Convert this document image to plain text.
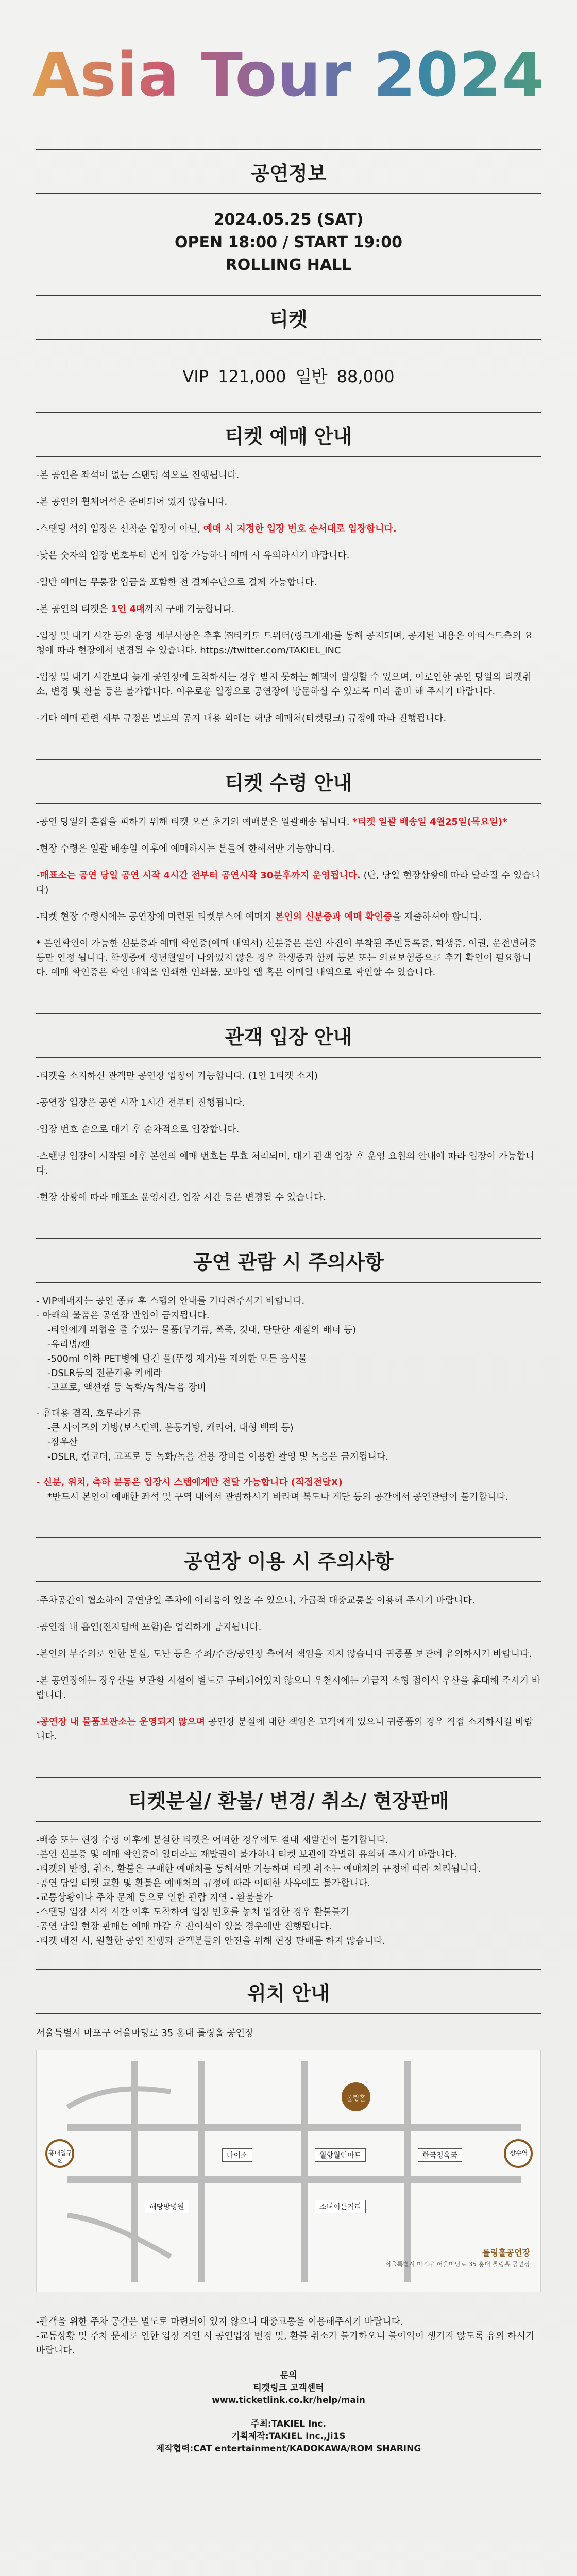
Asia Tour 2024
공연정보
2024.05.25 (SAT)
OPEN 18:00 / START 19:00
ROLLING HALL
티켓
VIP 121,000 일반 88,000
티켓 예매 안내
-본 공연은 좌석이 없는 스탠딩 석으로 진행됩니다.
-본 공연의 휠체어석은 준비되어 있지 않습니다.
-스탠딩 석의 입장은 선착순 입장이 아닌, 예매 시 지정한 입장 번호 순서대로 입장합니다.
-낮은 숫자의 입장 번호부터 먼저 입장 가능하니 예매 시 유의하시기 바랍니다.
-일반 예매는 무통장 입금을 포함한 전 결제수단으로 결제 가능합니다.
-본 공연의 티켓은 1인 4매까지 구매 가능합니다.
-입장 및 대기 시간 등의 운영 세부사항은 추후 ㈜타키토 트위터(링크게재)를 통해 공지되며, 공지된 내용은 아티스트측의 요청에 따라 현장에서 변경될 수 있습니다. https://twitter.com/TAKIEL_INC
-입장 및 대기 시간보다 늦게 공연장에 도착하시는 경우 받지 못하는 혜택이 발생할 수 있으며, 이로인한 공연 당일의 티켓취소, 변경 및 환불 등은 불가합니다. 여유로운 일정으로 공연장에 방문하실 수 있도록 미리 준비 해 주시기 바랍니다.
-기타 예매 관련 세부 규정은 별도의 공지 내용 외에는 해당 예매처(티켓링크) 규정에 따라 진행됩니다.
티켓 수령 안내
-공연 당일의 혼잡을 피하기 위해 티켓 오픈 초기의 예매분은 일괄배송 됩니다. *티켓 일괄 배송일 4월25일(목요일)*
-현장 수령은 일괄 배송일 이후에 예매하시는 분들에 한해서만 가능합니다.
-매표소는 공연 당일 공연 시작 4시간 전부터 공연시작 30분후까지 운영됩니다. (단, 당일 현장상황에 따라 달라질 수 있습니다)
-티켓 현장 수령시에는 공연장에 마련된 티켓부스에 예매자 본인의 신분증과 예매 확인증을 제출하셔야 합니다.
* 본인확인이 가능한 신분증과 예매 확인증(예매 내역서) 신분증은 본인 사진이 부착된 주민등록증, 학생증, 여권, 운전면허증 등만 인정 됩니다. 학생증에 생년월일이 나와있지 않은 경우 학생증과 함께 등본 또는 의료보험증으로 추가 확인이 필요합니다. 예매 확인증은 확인 내역을 인쇄한 인쇄물, 모바일 앱 혹은 이메일 내역으로 확인할 수 있습니다.
관객 입장 안내
-티켓을 소지하신 관객만 공연장 입장이 가능합니다. (1인 1티켓 소지)
-공연장 입장은 공연 시작 1시간 전부터 진행됩니다.
-입장 번호 순으로 대기 후 순차적으로 입장합니다.
-스탠딩 입장이 시작된 이후 본인의 예매 번호는 무효 처리되며, 대기 관객 입장 후 운영 요원의 안내에 따라 입장이 가능합니다.
-현장 상황에 따라 매표소 운영시간, 입장 시간 등은 변경될 수 있습니다.
공연 관람 시 주의사항
- VIP예매자는 공연 종료 후 스탭의 안내를 기다려주시기 바랍니다.
- 아래의 물품은 공연장 반입이 금지됩니다.
-타인에게 위협을 줄 수있는 물품(무기류, 폭죽, 깃대, 단단한 재질의 배너 등)
-유리병/캔
-500ml 이하 PET병에 담긴 물(뚜껑 제거)을 제외한 모든 음식물
-DSLR등의 전문가용 카메라
-고프로, 액션캠 등 녹화/녹취/녹음 장비
- 휴대용 겸직, 호루라기류
-큰 사이즈의 가방(보스턴백, 운동가방, 캐리어, 대형 백팩 등)
-장우산
-DSLR, 캠코더, 고프로 등 녹화/녹음 전용 장비를 이용한 촬영 및 녹음은 금지됩니다.
- 신분, 위치, 측하 분동은 입장시 스탭에게만 전달 가능합니다 (직접전달X)
*반드시 본인이 예매한 좌석 및 구역 내에서 관람하시기 바라며 복도나 계단 등의 공간에서 공연관람이 불가합니다.
공연장 이용 시 주의사항
-주차공간이 협소하여 공연당일 주차에 어려움이 있을 수 있으니, 가급적 대중교통을 이용해 주시기 바랍니다.
-공연장 내 흡연(전자담배 포함)은 엄격하게 금지됩니다.
-본인의 부주의로 인한 분실, 도난 등은 주최/주관/공연장 측에서 책임을 지지 않습니다 귀중품 보관에 유의하시기 바랍니다.
-본 공연장에는 장우산을 보관할 시설이 별도로 구비되어있지 않으니 우천시에는 가급적 소형 접이식 우산을 휴대해 주시기 바랍니다.
-공연장 내 물품보관소는 운영되지 않으며 공연장 분실에 대한 책임은 고객에게 있으니 귀중품의 경우 직접 소지하시길 바랍니다.
티켓분실/ 환불/ 변경/ 취소/ 현장판매
-배송 또는 현장 수령 이후에 분실한 티켓은 어떠한 경우에도 절대 재발권이 불가합니다.
-본인 신분증 및 예매 확인증이 없더라도 재발권이 불가하니 티켓 보관에 각별히 유의해 주시기 바랍니다.
-티켓의 반정, 취소, 환불은 구매한 예매처를 통해서만 가능하며 티켓 취소는 예매처의 규정에 따라 처리됩니다.
-공연 당일 티켓 교환 및 환불은 예매처의 규정에 따라 어떠한 사유에도 불가합니다.
-교통상황이나 주차 문제 등으로 인한 관람 지연 - 환불불가
-스탠딩 입장 시작 시간 이후 도착하여 입장 번호를 놓쳐 입장한 경우 환불불가
-공연 당일 현장 판매는 예매 마감 후 잔여석이 있을 경우에만 진행됩니다.
-티켓 매진 시, 원활한 공연 진행과 관객분들의 안전을 위해 현장 판매를 하지 않습니다.
위치 안내
서울특별시 마포구 어울마당로 35 홍대 롤링홀 공연장
홍대입구역
상수역
다이소	월향월인마트	한국정육국
해당방병원	소녀이든거리
롤링홀
롤링홀공연장
서울특별시 마포구 어울마당로 35 홍대 롤링홀 공연장
-관객을 위한 주차 공간은 별도로 마련되어 있지 않으니 대중교통을 이용해주시기 바랍니다.
-교통상황 및 주차 문제로 인한 입장 지연 시 공연입장 변경 및, 환불 취소가 불가하오니 불이익이 생기지 않도록 유의 하시기 바랍니다.
문의
티켓링크 고객센터
www.ticketlink.co.kr/help/main
주최:TAKIEL Inc.
기획제작:TAKIEL Inc.,Ji1S
제작협력:CAT entertainment/KADOKAWA/ROM SHARING
